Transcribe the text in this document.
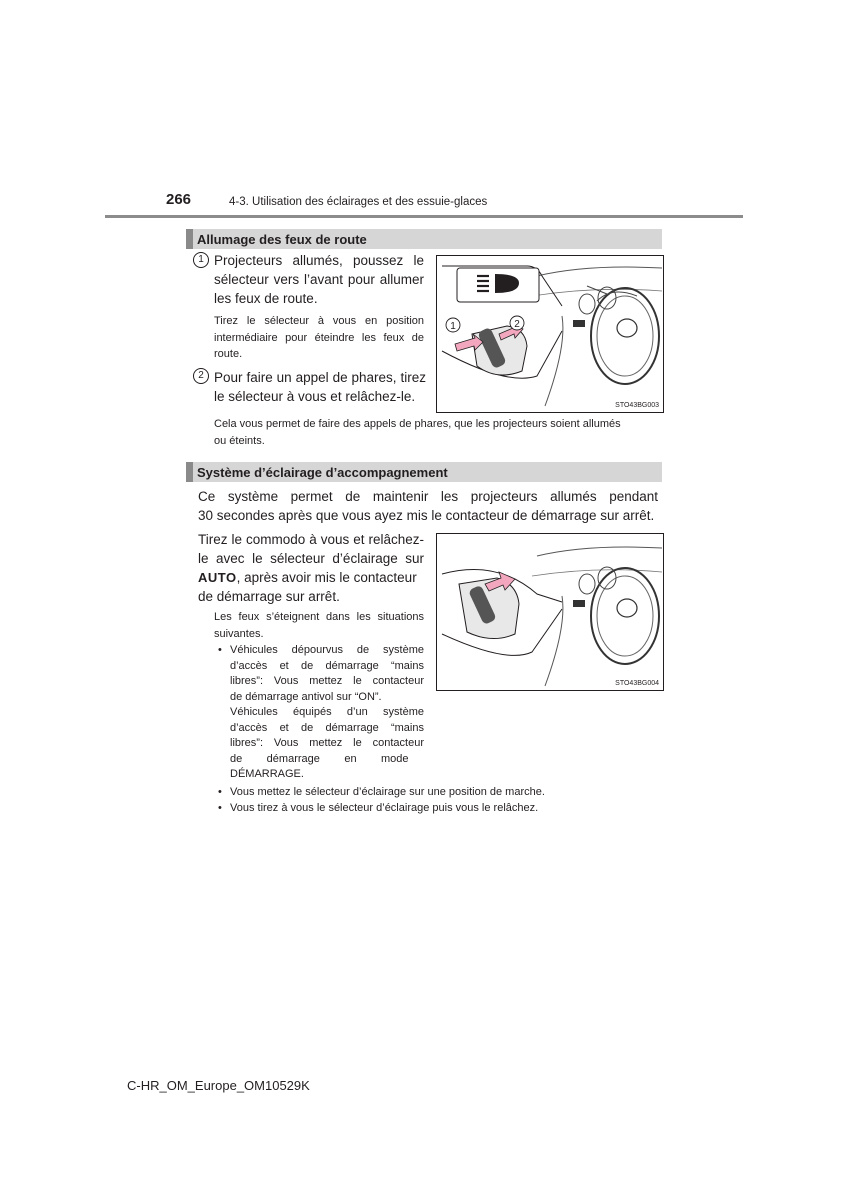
266	4-3. Utilisation des éclairages et des essuie-glaces
Allumage des feux de route
1 Projecteurs allumés, poussez le
sélecteur vers l’avant pour allumer
les feux de route.
Tirez le sélecteur à vous en position
intermédiaire pour éteindre les feux de
route.
2 Pour faire un appel de phares, tirez
le sélecteur à vous et relâchez-le.
1	2
STO43BG003
Cela vous permet de faire des appels de phares, que les projecteurs soient allumés
ou éteints.
Système d’éclairage d’accompagnement
Ce système permet de maintenir les projecteurs allumés pendant
30 secondes après que vous ayez mis le contacteur de démarrage sur arrêt.
Tirez le commodo à vous et relâchez-
le avec le sélecteur d’éclairage sur
AUTO, après avoir mis le contacteur
de démarrage sur arrêt.
Les feux s’éteignent dans les situations
suivantes.
• Véhicules dépourvus de système
d’accès et de démarrage “mains
libres”: Vous mettez le contacteur
de démarrage antivol sur “ON”.
Véhicules équipés d’un système
d’accès et de démarrage “mains
libres”: Vous mettez le contacteur
de        démarrage        en        mode
DÉMARRAGE.
• Vous mettez le sélecteur d’éclairage sur une position de marche.
• Vous tirez à vous le sélecteur d’éclairage puis vous le relâchez.
STO43BG004
C-HR_OM_Europe_OM10529K
